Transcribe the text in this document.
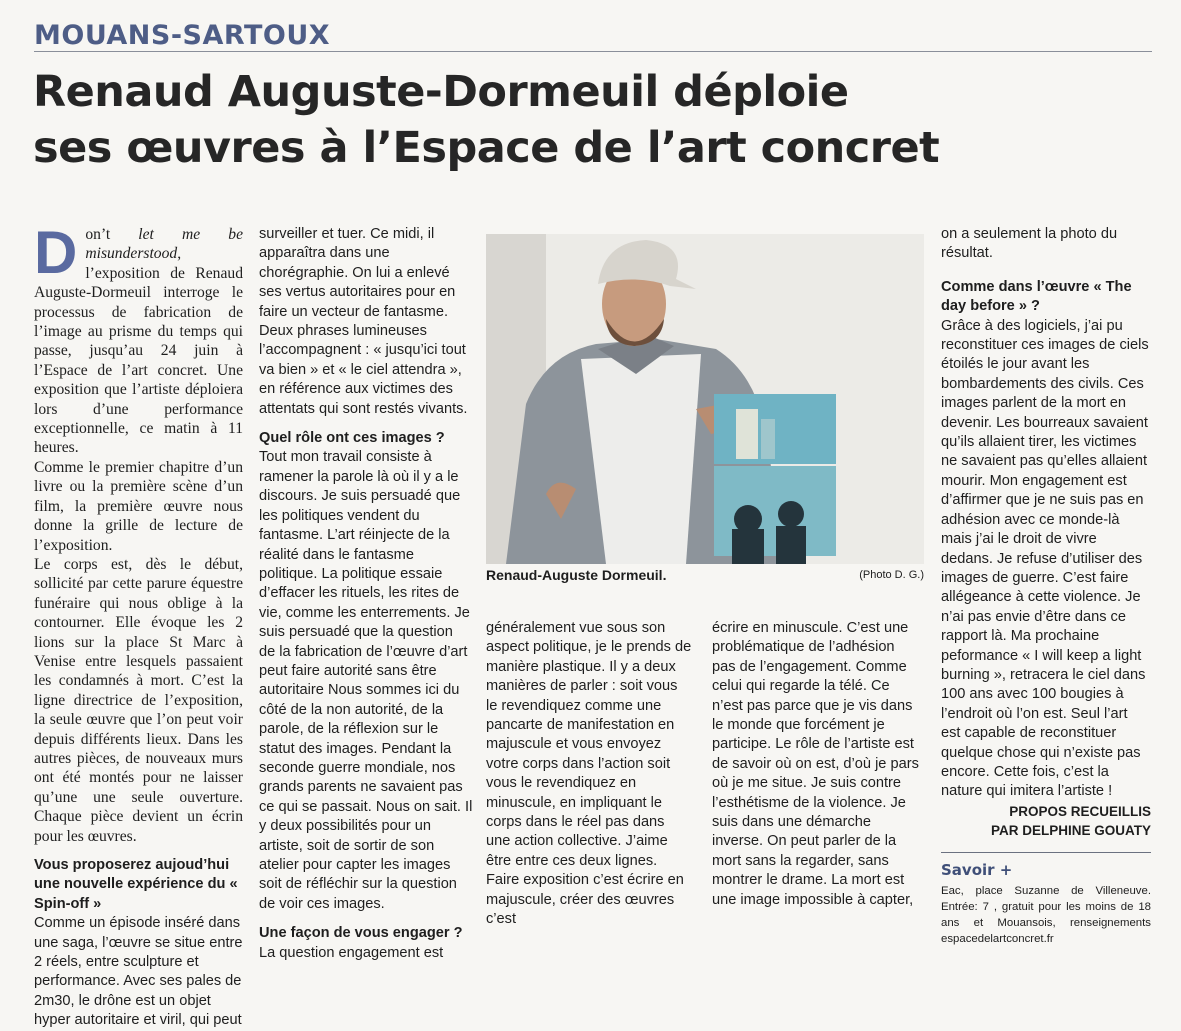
MOUANS-SARTOUX
Renaud Auguste-Dormeuil déploie
ses œuvres à l’Espace de l’art concret

Don’t let me be misunderstood, l’exposition de Renaud Auguste-Dormeuil interroge le processus de fabrication de l’image au prisme du temps qui passe, jusqu’au 24 juin à l’Espace de l’art concret. Une exposition que l’artiste déploiera lors d’une performance exceptionnelle, ce matin à 11 heures.

Comme le premier chapitre d’un livre ou la première scène d’un film, la première œuvre nous donne la grille de lecture de l’exposition.

Le corps est, dès le début, sollicité par cette parure équestre funéraire qui nous oblige à la contourner. Elle évoque les 2 lions sur la place St Marc à Venise entre lesquels passaient les condamnés à mort. C’est la ligne directrice de l’exposition, la seule œuvre que l’on peut voir depuis différents lieux. Dans les autres pièces, de nouveaux murs ont été montés pour ne laisser qu’une une seule ouverture. Chaque pièce devient un écrin pour les œuvres.

Vous proposerez aujoud’hui une nouvelle expérience du « Spin-off »

Comme un épisode inséré dans une saga, l’œuvre se situe entre 2 réels, entre sculpture et performance. Avec ses pales de 2m30, le drône est un objet hyper autoritaire et viril, qui peut

surveiller et tuer. Ce midi, il apparaîtra dans une chorégraphie. On lui a enlevé ses vertus autoritaires pour en faire un vecteur de fantasme. Deux phrases lumineuses l’accompagnent : « jusqu’ici tout va bien » et « le ciel attendra », en référence aux victimes des attentats qui sont restés vivants.

Quel rôle ont ces images ?

Tout mon travail consiste à ramener la parole là où il y a le discours. Je suis persuadé que les politiques vendent du fantasme. L’art réinjecte de la réalité dans le fantasme politique. La politique essaie d’effacer les rituels, les rites de vie, comme les enterrements. Je suis persuadé que la question de la fabrication de l’œuvre d’art peut faire autorité sans être autoritaire Nous sommes ici du côté de la non autorité, de la parole, de la réflexion sur le statut des images. Pendant la seconde guerre mondiale, nos grands parents ne savaient pas ce qui se passait. Nous on sait. Il y deux possibilités pour un artiste, soit de sortir de son atelier pour capter les images soit de réfléchir sur la question de voir ces images.

Une façon de vous engager ?

La question engagement est

Renaud-Auguste Dormeuil.	(Photo D. G.)

généralement vue sous son aspect politique, je le prends de manière plastique. Il y a deux manières de parler : soit vous le revendiquez comme une pancarte de manifestation en majuscule et vous envoyez votre corps dans l’action soit vous le revendiquez en minuscule, en impliquant le corps dans le réel pas dans une action collective. J’aime être entre ces deux lignes. Faire exposition c’est écrire en majuscule, créer des œuvres c’est

écrire en minuscule. C’est une problématique de l’adhésion pas de l’engagement. Comme celui qui regarde la télé. Ce n’est pas parce que je vis dans le monde que forcément je participe. Le rôle de l’artiste est de savoir où on est, d’où je pars où je me situe. Je suis contre l’esthétisme de la violence. Je suis dans une démarche inverse. On peut parler de la mort sans la regarder, sans montrer le drame. La mort est une image impossible à capter,

on a seulement la photo du résultat.

Comme dans l’œuvre « The day before » ?

Grâce à des logiciels, j’ai pu reconstituer ces images de ciels étoilés le jour avant les bombardements des civils. Ces images parlent de la mort en devenir. Les bourreaux savaient qu’ils allaient tirer, les victimes ne savaient pas qu’elles allaient mourir. Mon engagement est d’affirmer que je ne suis pas en adhésion avec ce monde-là mais j’ai le droit de vivre dedans. Je refuse d’utiliser des images de guerre. C’est faire allégeance à cette violence. Je n’ai pas envie d’être dans ce rapport là. Ma prochaine peformance « I will keep a light burning », retracera le ciel dans 100 ans avec 100 bougies à l’endroit où l’on est. Seul l’art est capable de reconstituer quelque chose qui n’existe pas encore. Cette fois, c’est la nature qui imitera l’artiste !

PROPOS RECUEILLIS

PAR DELPHINE GOUATY

Savoir +

Eac, place Suzanne de Villeneuve. Entrée: 7 , gratuit pour les moins de 18 ans et Mouansois, renseignements espacedelartconcret.fr
